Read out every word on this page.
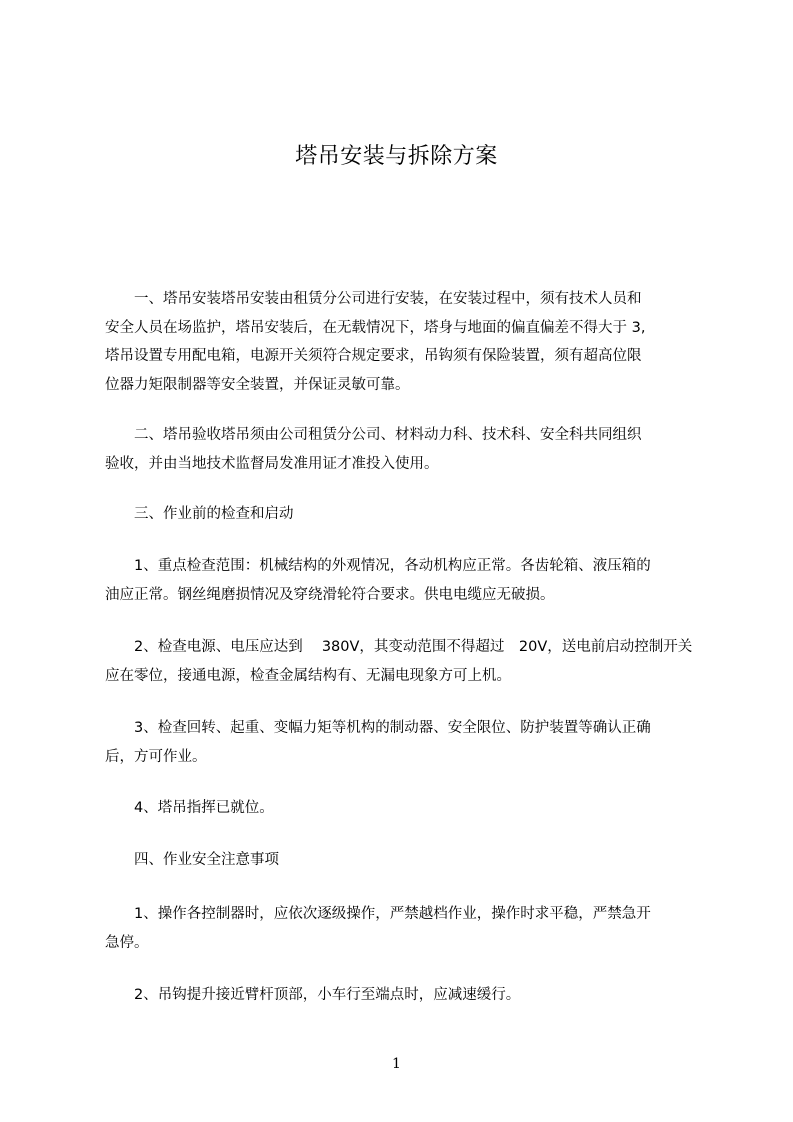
塔吊安装与拆除方案
　　一、塔吊安装塔吊安装由租赁分公司进行安装，在安装过程中，须有技术人员和
安全人员在场监护，塔吊安装后，在无载情况下，塔身与地面的偏直偏差不得大于 3,
塔吊设置专用配电箱，电源开关须符合规定要求，吊钩须有保险装置，须有超高位限
位器力矩限制器等安全装置，并保证灵敏可靠。
　　二、塔吊验收塔吊须由公司租赁分公司、材料动力科、技术科、安全科共同组织
验收，并由当地技术监督局发准用证才准投入使用。
　　三、作业前的检查和启动
　　1、重点检查范围：机械结构的外观情况，各动机构应正常。各齿轮箱、液压箱的
油应正常。钢丝绳磨损情况及穿绕滑轮符合要求。供电电缆应无破损。
　　2、检查电源、电压应达到　 380V，其变动范围不得超过　20V，送电前启动控制开关
应在零位，接通电源，检查金属结构有、无漏电现象方可上机。
　　3、检查回转、起重、变幅力矩等机构的制动器、安全限位、防护装置等确认正确
后，方可作业。
　　4、塔吊指挥已就位。
　　四、作业安全注意事项
　　1、操作各控制器时，应依次逐级操作，严禁越档作业，操作时求平稳，严禁急开
急停。
　　2、吊钩提升接近臂杆顶部，小车行至端点时，应减速缓行。
1
